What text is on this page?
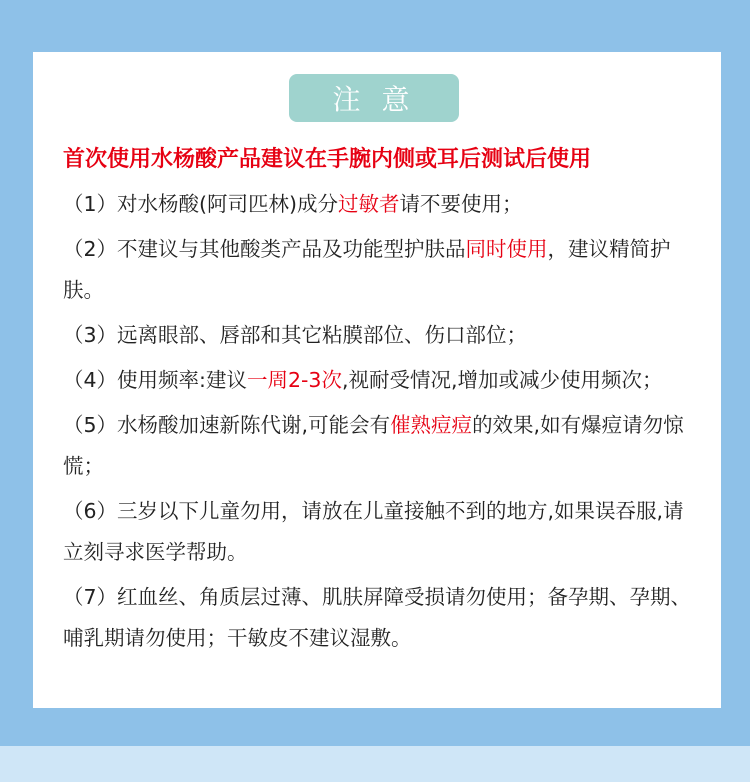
注 意
首次使用水杨酸产品建议在手腕内侧或耳后测试后使用
（1）对水杨酸(阿司匹林)成分过敏者请不要使用；
（2）不建议与其他酸类产品及功能型护肤品同时使用，建议精简护肤。
（3）远离眼部、唇部和其它粘膜部位、伤口部位；
（4）使用频率:建议一周2-3次,视耐受情况,增加或减少使用频次；
（5）水杨酸加速新陈代谢,可能会有催熟痘痘的效果,如有爆痘请勿惊慌；
（6）三岁以下儿童勿用，请放在儿童接触不到的地方,如果误吞服,请立刻寻求医学帮助。
（7）红血丝、角质层过薄、肌肤屏障受损请勿使用；备孕期、孕期、哺乳期请勿使用；干敏皮不建议湿敷。
